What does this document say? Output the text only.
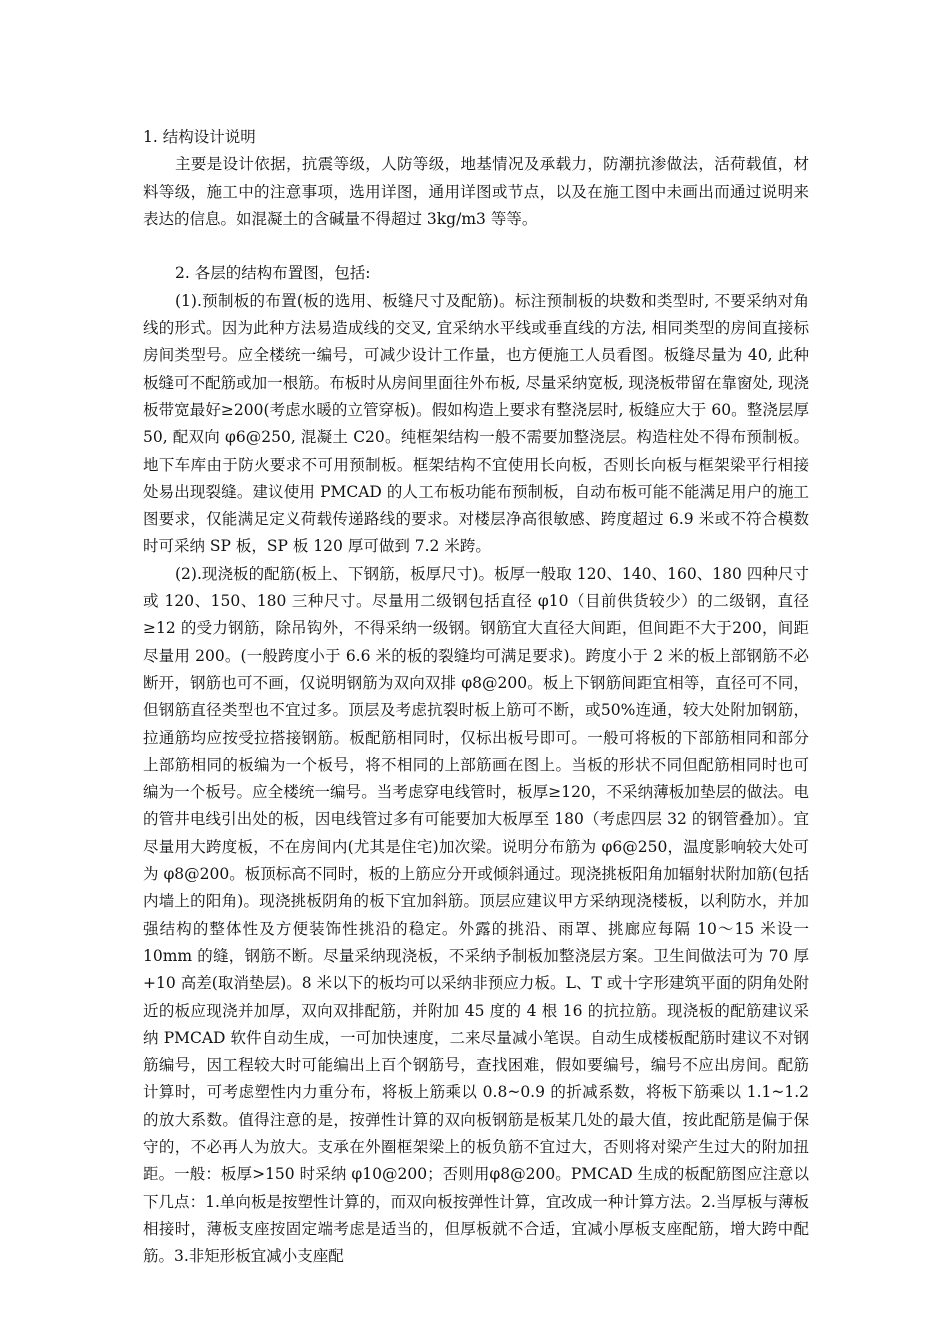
1. 结构设计说明

主要是设计依据，抗震等级，人防等级，地基情况及承载力，防潮抗渗做法，活荷载值，材料等级，施工中的注意事项，选用详图，通用详图或节点，以及在施工图中未画出而通过说明来表达的信息。如混凝土的含碱量不得超过 3kg/m3 等等。

2. 各层的结构布置图，包括:

(1).预制板的布置(板的选用、板缝尺寸及配筋)。标注预制板的块数和类型时, 不要采纳对角线的形式。因为此种方法易造成线的交叉, 宜采纳水平线或垂直线的方法, 相同类型的房间直接标房间类型号。应全楼统一编号，可减少设计工作量，也方便施工人员看图。板缝尽量为 40, 此种板缝可不配筋或加一根筋。布板时从房间里面往外布板, 尽量采纳宽板, 现浇板带留在靠窗处, 现浇板带宽最好≥200(考虑水暖的立管穿板)。假如构造上要求有整浇层时, 板缝应大于 60。整浇层厚 50, 配双向 φ6@250, 混凝土 C20。纯框架结构一般不需要加整浇层。构造柱处不得布预制板。地下车库由于防火要求不可用预制板。框架结构不宜使用长向板，否则长向板与框架梁平行相接处易出现裂缝。建议使用 PMCAD 的人工布板功能布预制板，自动布板可能不能满足用户的施工图要求，仅能满足定义荷载传递路线的要求。对楼层净高很敏感、跨度超过 6.9 米或不符合模数时可采纳 SP 板，SP 板 120 厚可做到 7.2 米跨。

(2).现浇板的配筋(板上、下钢筋，板厚尺寸)。板厚一般取 120、140、160、180 四种尺寸或 120、150、180 三种尺寸。尽量用二级钢包括直径 φ10（目前供货较少）的二级钢，直径≥12 的受力钢筋，除吊钩外，不得采纳一级钢。钢筋宜大直径大间距，但间距不大于200，间距尽量用 200。(一般跨度小于 6.6 米的板的裂缝均可满足要求)。跨度小于 2 米的板上部钢筋不必断开，钢筋也可不画，仅说明钢筋为双向双排 φ8@200。板上下钢筋间距宜相等，直径可不同，但钢筋直径类型也不宜过多。顶层及考虑抗裂时板上筋可不断，或50%连通，较大处附加钢筋，拉通筋均应按受拉搭接钢筋。板配筋相同时，仅标出板号即可。一般可将板的下部筋相同和部分上部筋相同的板编为一个板号，将不相同的上部筋画在图上。当板的形状不同但配筋相同时也可编为一个板号。应全楼统一编号。当考虑穿电线管时，板厚≥120，不采纳薄板加垫层的做法。电的管井电线引出处的板，因电线管过多有可能要加大板厚至 180（考虑四层 32 的钢管叠加）。宜尽量用大跨度板，不在房间内(尤其是住宅)加次梁。说明分布筋为 φ6@250，温度影响较大处可为 φ8@200。板顶标高不同时，板的上筋应分开或倾斜通过。现浇挑板阳角加辐射状附加筋(包括内墙上的阳角)。现浇挑板阴角的板下宜加斜筋。顶层应建议甲方采纳现浇楼板，以利防水，并加强结构的整体性及方便装饰性挑沿的稳定。外露的挑沿、雨罩、挑廊应每隔 10～15 米设一 10mm 的缝，钢筋不断。尽量采纳现浇板，不采纳予制板加整浇层方案。卫生间做法可为 70 厚+10 高差(取消垫层)。8 米以下的板均可以采纳非预应力板。L、T 或十字形建筑平面的阴角处附近的板应现浇并加厚，双向双排配筋，并附加 45 度的 4 根 16 的抗拉筋。现浇板的配筋建议采纳 PMCAD 软件自动生成，一可加快速度，二来尽量减小笔误。自动生成楼板配筋时建议不对钢筋编号，因工程较大时可能编出上百个钢筋号，查找困难，假如要编号，编号不应出房间。配筋计算时，可考虑塑性内力重分布，将板上筋乘以 0.8~0.9 的折减系数，将板下筋乘以 1.1~1.2 的放大系数。值得注意的是，按弹性计算的双向板钢筋是板某几处的最大值，按此配筋是偏于保守的，不必再人为放大。支承在外圈框架梁上的板负筋不宜过大，否则将对梁产生过大的附加扭距。一般：板厚>150 时采纳 φ10@200；否则用φ8@200。PMCAD 生成的板配筋图应注意以下几点：1.单向板是按塑性计算的，而双向板按弹性计算，宜改成一种计算方法。2.当厚板与薄板相接时，薄板支座按固定端考虑是适当的，但厚板就不合适，宜减小厚板支座配筋，增大跨中配筋。3.非矩形板宜减小支座配
